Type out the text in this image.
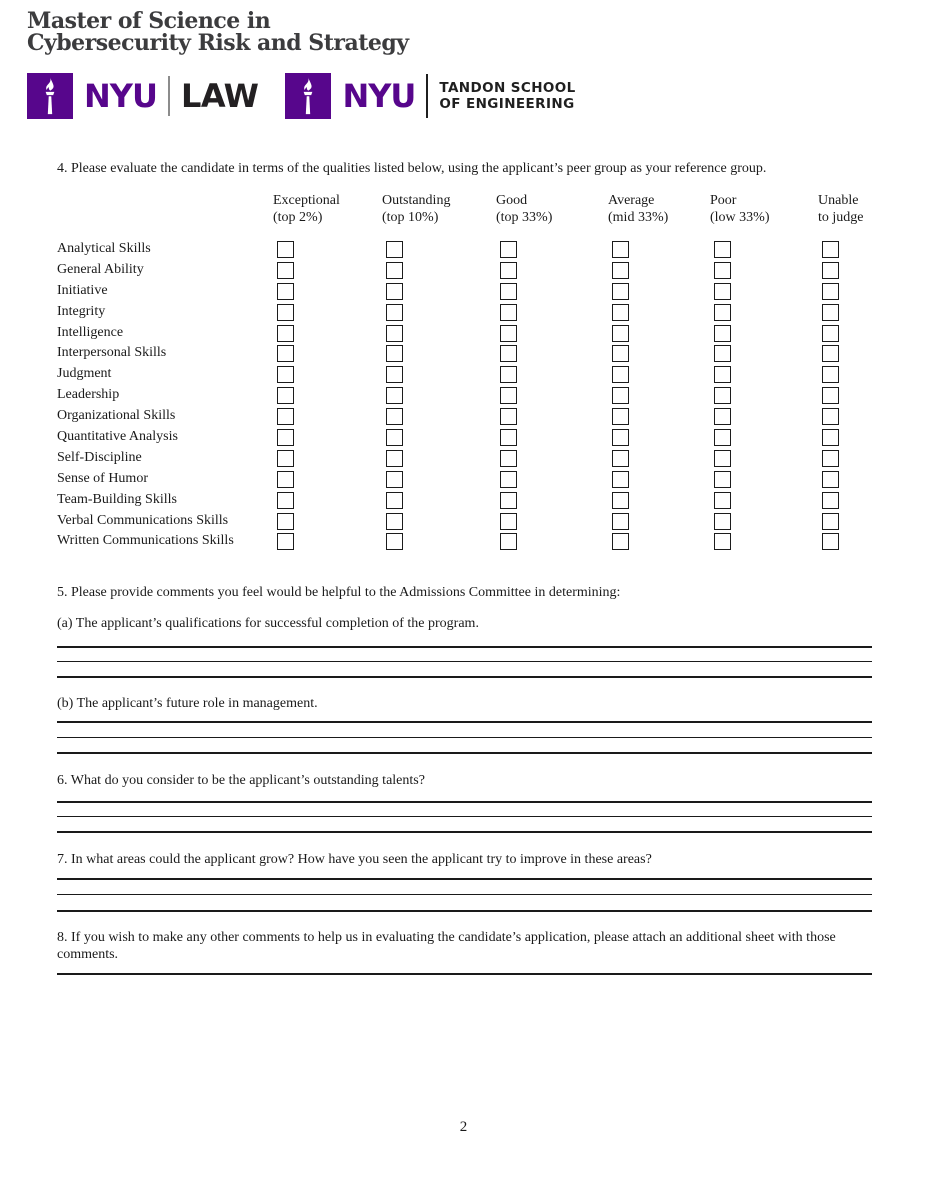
Master of Science in
Cybersecurity Risk and Strategy
NYU LAW	NYU TANDON SCHOOL
OF ENGINEERING
4. Please evaluate the candidate in terms of the qualities listed below, using the applicant’s peer group as your reference group.
Exceptional
(top 2%)
Outstanding
(top 10%)
Good
(top 33%)
Average
(mid 33%)
Poor
(low 33%)
Unable
to judge
Analytical Skills
General Ability
Initiative
Integrity
Intelligence
Interpersonal Skills
Judgment
Leadership
Organizational Skills
Quantitative Analysis
Self-Discipline
Sense of Humor
Team-Building Skills
Verbal Communications Skills
Written Communications Skills
5. Please provide comments you feel would be helpful to the Admissions Committee in determining:
(a) The applicant’s qualifications for successful completion of the program.
(b) The applicant’s future role in management.
6. What do you consider to be the applicant’s outstanding talents?
7. In what areas could the applicant grow? How have you seen the applicant try to improve in these areas?
8. If you wish to make any other comments to help us in evaluating the candidate’s application, please attach an additional sheet with those comments.
2
